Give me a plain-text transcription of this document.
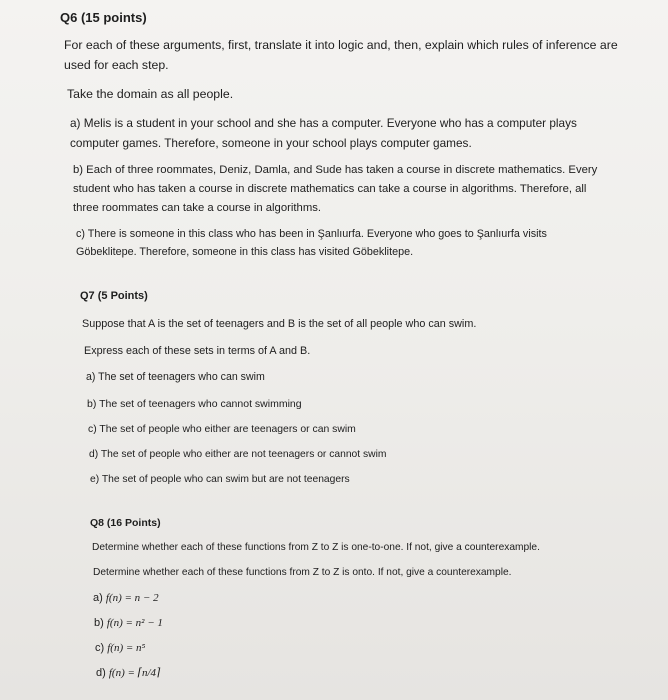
Q6 (15 points)
For each of these arguments, first, translate it into logic and, then, explain which rules of inference are
used for each step.
Take the domain as all people.
a) Melis is a student in your school and she has a computer. Everyone who has a computer plays
computer games. Therefore, someone in your school plays computer games.
b) Each of three roommates, Deniz, Damla, and Sude has taken a course in discrete mathematics. Every
student who has taken a course in discrete mathematics can take a course in algorithms. Therefore, all
three roommates can take a course in algorithms.
c) There is someone in this class who has been in Şanlıurfa. Everyone who goes to Şanlıurfa visits
Göbeklitepe. Therefore, someone in this class has visited Göbeklitepe.
Q7 (5 Points)
Suppose that A is the set of teenagers and B is the set of all people who can swim.
Express each of these sets in terms of A and B.
a) The set of teenagers who can swim
b) The set of teenagers who cannot swimming
c) The set of people who either are teenagers or can swim
d) The set of people who either are not teenagers or cannot swim
e) The set of people who can swim but are not teenagers
Q8 (16 Points)
Determine whether each of these functions from Z to Z is one-to-one. If not, give a counterexample.
Determine whether each of these functions from Z to Z is onto. If not, give a counterexample.
a) f(n) = n − 2
b) f(n) = n² − 1
c) f(n) = n⁵
d) f(n) = ⌈n/4⌉
